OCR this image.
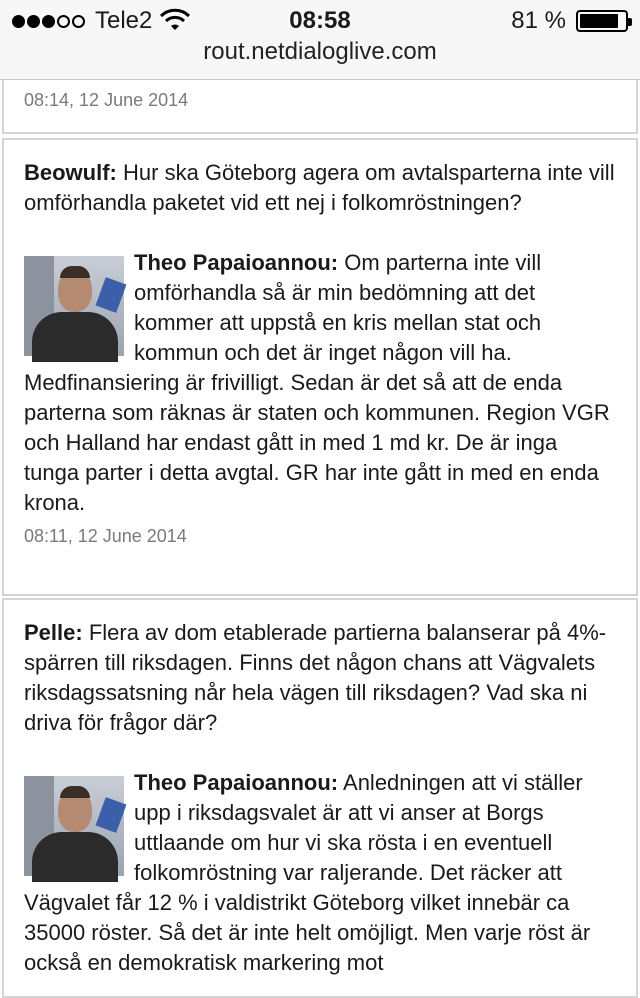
Tele2	08:58	81 %
rout.netdialoglive.com
08:14, 12 June 2014

Beowulf: Hur ska Göteborg agera om avtalsparterna inte vill omförhandla paketet vid ett nej i folkomröstningen?

Theo Papaioannou: Om parterna inte vill omförhandla så är min bedömning att det kommer att uppstå en kris mellan stat och kommun och det är inget någon vill ha. Medfinansiering är frivilligt. Sedan är det så att de enda parterna som räknas är staten och kommunen. Region VGR och Halland har endast gått in med 1 md kr. De är inga tunga parter i detta avgtal. GR har inte gått in med en enda krona.
08:11, 12 June 2014

Pelle: Flera av dom etablerade partierna balanserar på 4%-spärren till riksdagen. Finns det någon chans att Vägvalets riksdagssatsning når hela vägen till riksdagen? Vad ska ni driva för frågor där?

Theo Papaioannou: Anledningen att vi ställer upp i riksdagsvalet är att vi anser at Borgs uttlaande om hur vi ska rösta i en eventuell folkomröstning var raljerande. Det räcker att Vägvalet får 12 % i valdistrikt Göteborg vilket innebär ca 35000 röster. Så det är inte helt omöjligt. Men varje röst är också en demokratisk markering mot
